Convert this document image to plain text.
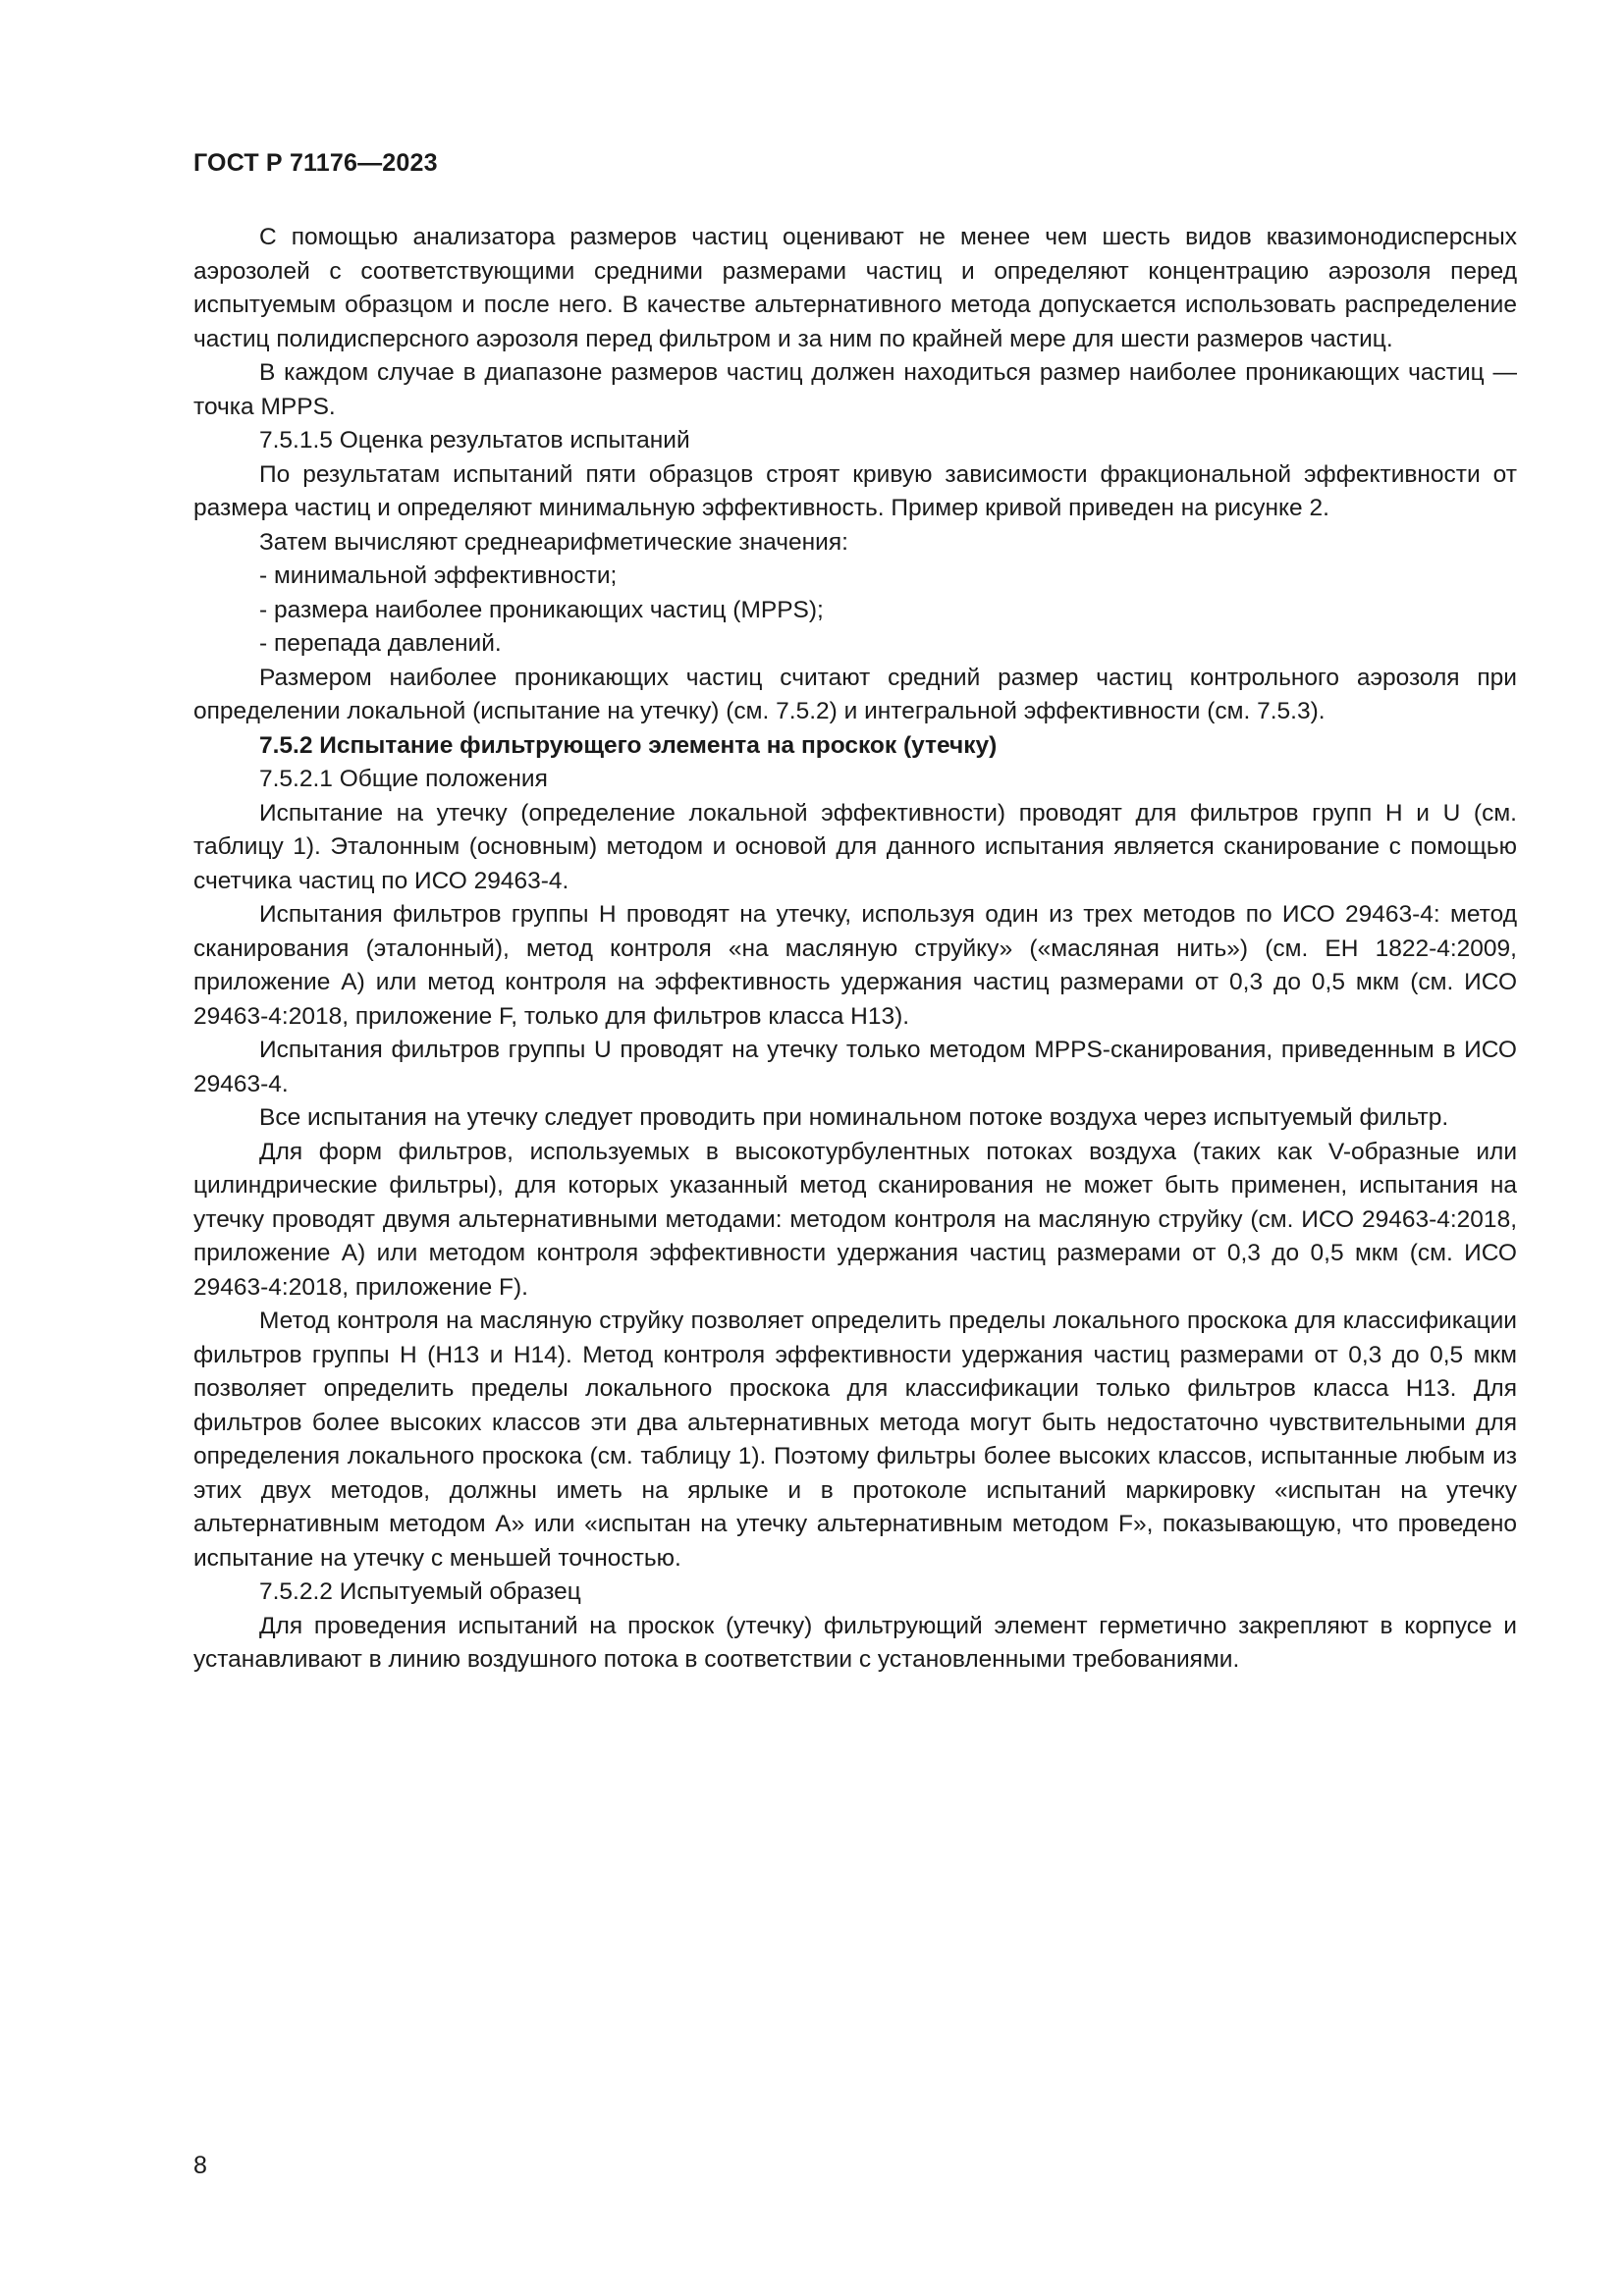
ГОСТ Р 71176—2023

С помощью анализатора размеров частиц оценивают не менее чем шесть видов квазимонодисперсных аэрозолей с соответствующими средними размерами частиц и определяют концентрацию аэрозоля перед испытуемым образцом и после него. В качестве альтернативного метода допускается использовать распределение частиц полидисперсного аэрозоля перед фильтром и за ним по крайней мере для шести размеров частиц.

В каждом случае в диапазоне размеров частиц должен находиться размер наиболее проникающих частиц — точка MPPS.

7.5.1.5 Оценка результатов испытаний

По результатам испытаний пяти образцов строят кривую зависимости фракциональной эффективности от размера частиц и определяют минимальную эффективность. Пример кривой приведен на рисунке 2.

Затем вычисляют среднеарифметические значения:

- минимальной эффективности;

- размера наиболее проникающих частиц (MPPS);

- перепада давлений.

Размером наиболее проникающих частиц считают средний размер частиц контрольного аэрозоля при определении локальной (испытание на утечку) (см. 7.5.2) и интегральной эффективности (см. 7.5.3).

7.5.2 Испытание фильтрующего элемента на проскок (утечку)

7.5.2.1 Общие положения

Испытание на утечку (определение локальной эффективности) проводят для фильтров групп Н и U (см. таблицу 1). Эталонным (основным) методом и основой для данного испытания является сканирование с помощью счетчика частиц по ИСО 29463-4.

Испытания фильтров группы Н проводят на утечку, используя один из трех методов по ИСО 29463-4: метод сканирования (эталонный), метод контроля «на масляную струйку» («масляная нить») (см. ЕН 1822-4:2009, приложение А) или метод контроля на эффективность удержания частиц размерами от 0,3 до 0,5 мкм (см. ИСО 29463-4:2018, приложение F, только для фильтров класса Н13).

Испытания фильтров группы U проводят на утечку только методом MPPS-сканирования, приведенным в ИСО 29463-4.

Все испытания на утечку следует проводить при номинальном потоке воздуха через испытуемый фильтр.

Для форм фильтров, используемых в высокотурбулентных потоках воздуха (таких как V-образные или цилиндрические фильтры), для которых указанный метод сканирования не может быть применен, испытания на утечку проводят двумя альтернативными методами: методом контроля на масляную струйку (см. ИСО 29463-4:2018, приложение А) или методом контроля эффективности удержания частиц размерами от 0,3 до 0,5 мкм (см. ИСО 29463-4:2018, приложение F).

Метод контроля на масляную струйку позволяет определить пределы локального проскока для классификации фильтров группы Н (Н13 и Н14). Метод контроля эффективности удержания частиц размерами от 0,3 до 0,5 мкм позволяет определить пределы локального проскока для классификации только фильтров класса Н13. Для фильтров более высоких классов эти два альтернативных метода могут быть недостаточно чувствительными для определения локального проскока (см. таблицу 1). Поэтому фильтры более высоких классов, испытанные любым из этих двух методов, должны иметь на ярлыке и в протоколе испытаний маркировку «испытан на утечку альтернативным методом А» или «испытан на утечку альтернативным методом F», показывающую, что проведено испытание на утечку с меньшей точностью.

7.5.2.2 Испытуемый образец

Для проведения испытаний на проскок (утечку) фильтрующий элемент герметично закрепляют в корпусе и устанавливают в линию воздушного потока в соответствии с установленными требованиями.

8
